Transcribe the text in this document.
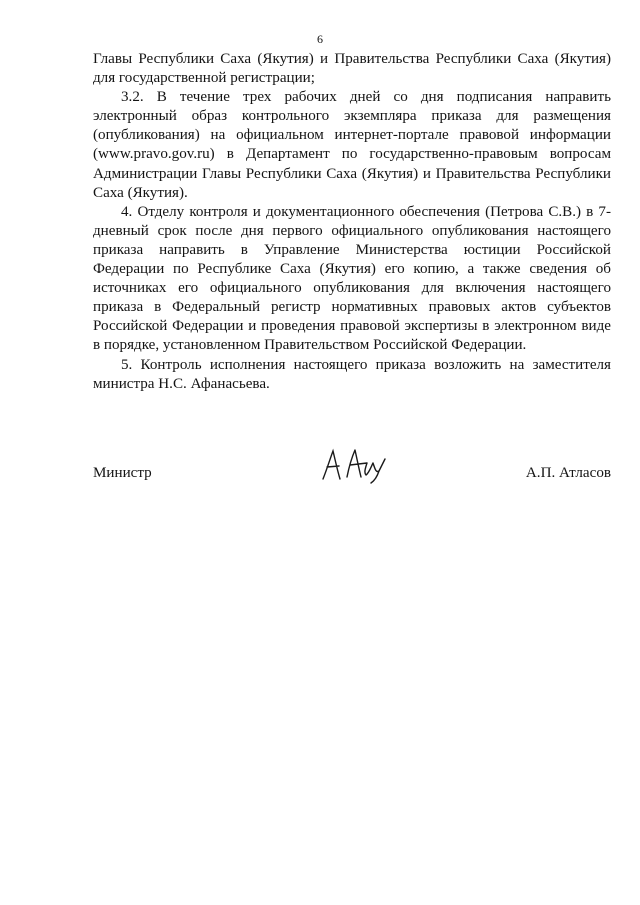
6
Главы Республики Саха (Якутия) и Правительства Республики Саха (Якутия)
для государственной регистрации;
3.2. В течение трех рабочих дней со дня подписания направить
электронный образ контрольного экземпляра приказа для размещения
(опубликования) на официальном интернет-портале правовой информации
(www.pravo.gov.ru) в Департамент по государственно-правовым вопросам
Администрации Главы Республики Саха (Якутия) и Правительства Республики
Саха (Якутия).
4. Отделу контроля и документационного обеспечения (Петрова С.В.) в 7-
дневный срок после дня первого официального опубликования настоящего
приказа направить в Управление Министерства юстиции Российской
Федерации по Республике Саха (Якутия) его копию, а также сведения об
источниках его официального опубликования для включения настоящего
приказа в Федеральный регистр нормативных правовых актов субъектов
Российской Федерации и проведения правовой экспертизы в электронном виде
в порядке, установленном Правительством Российской Федерации.
5. Контроль исполнения настоящего приказа возложить на заместителя
министра Н.С. Афанасьева.
Министр	А.П. Атласов
